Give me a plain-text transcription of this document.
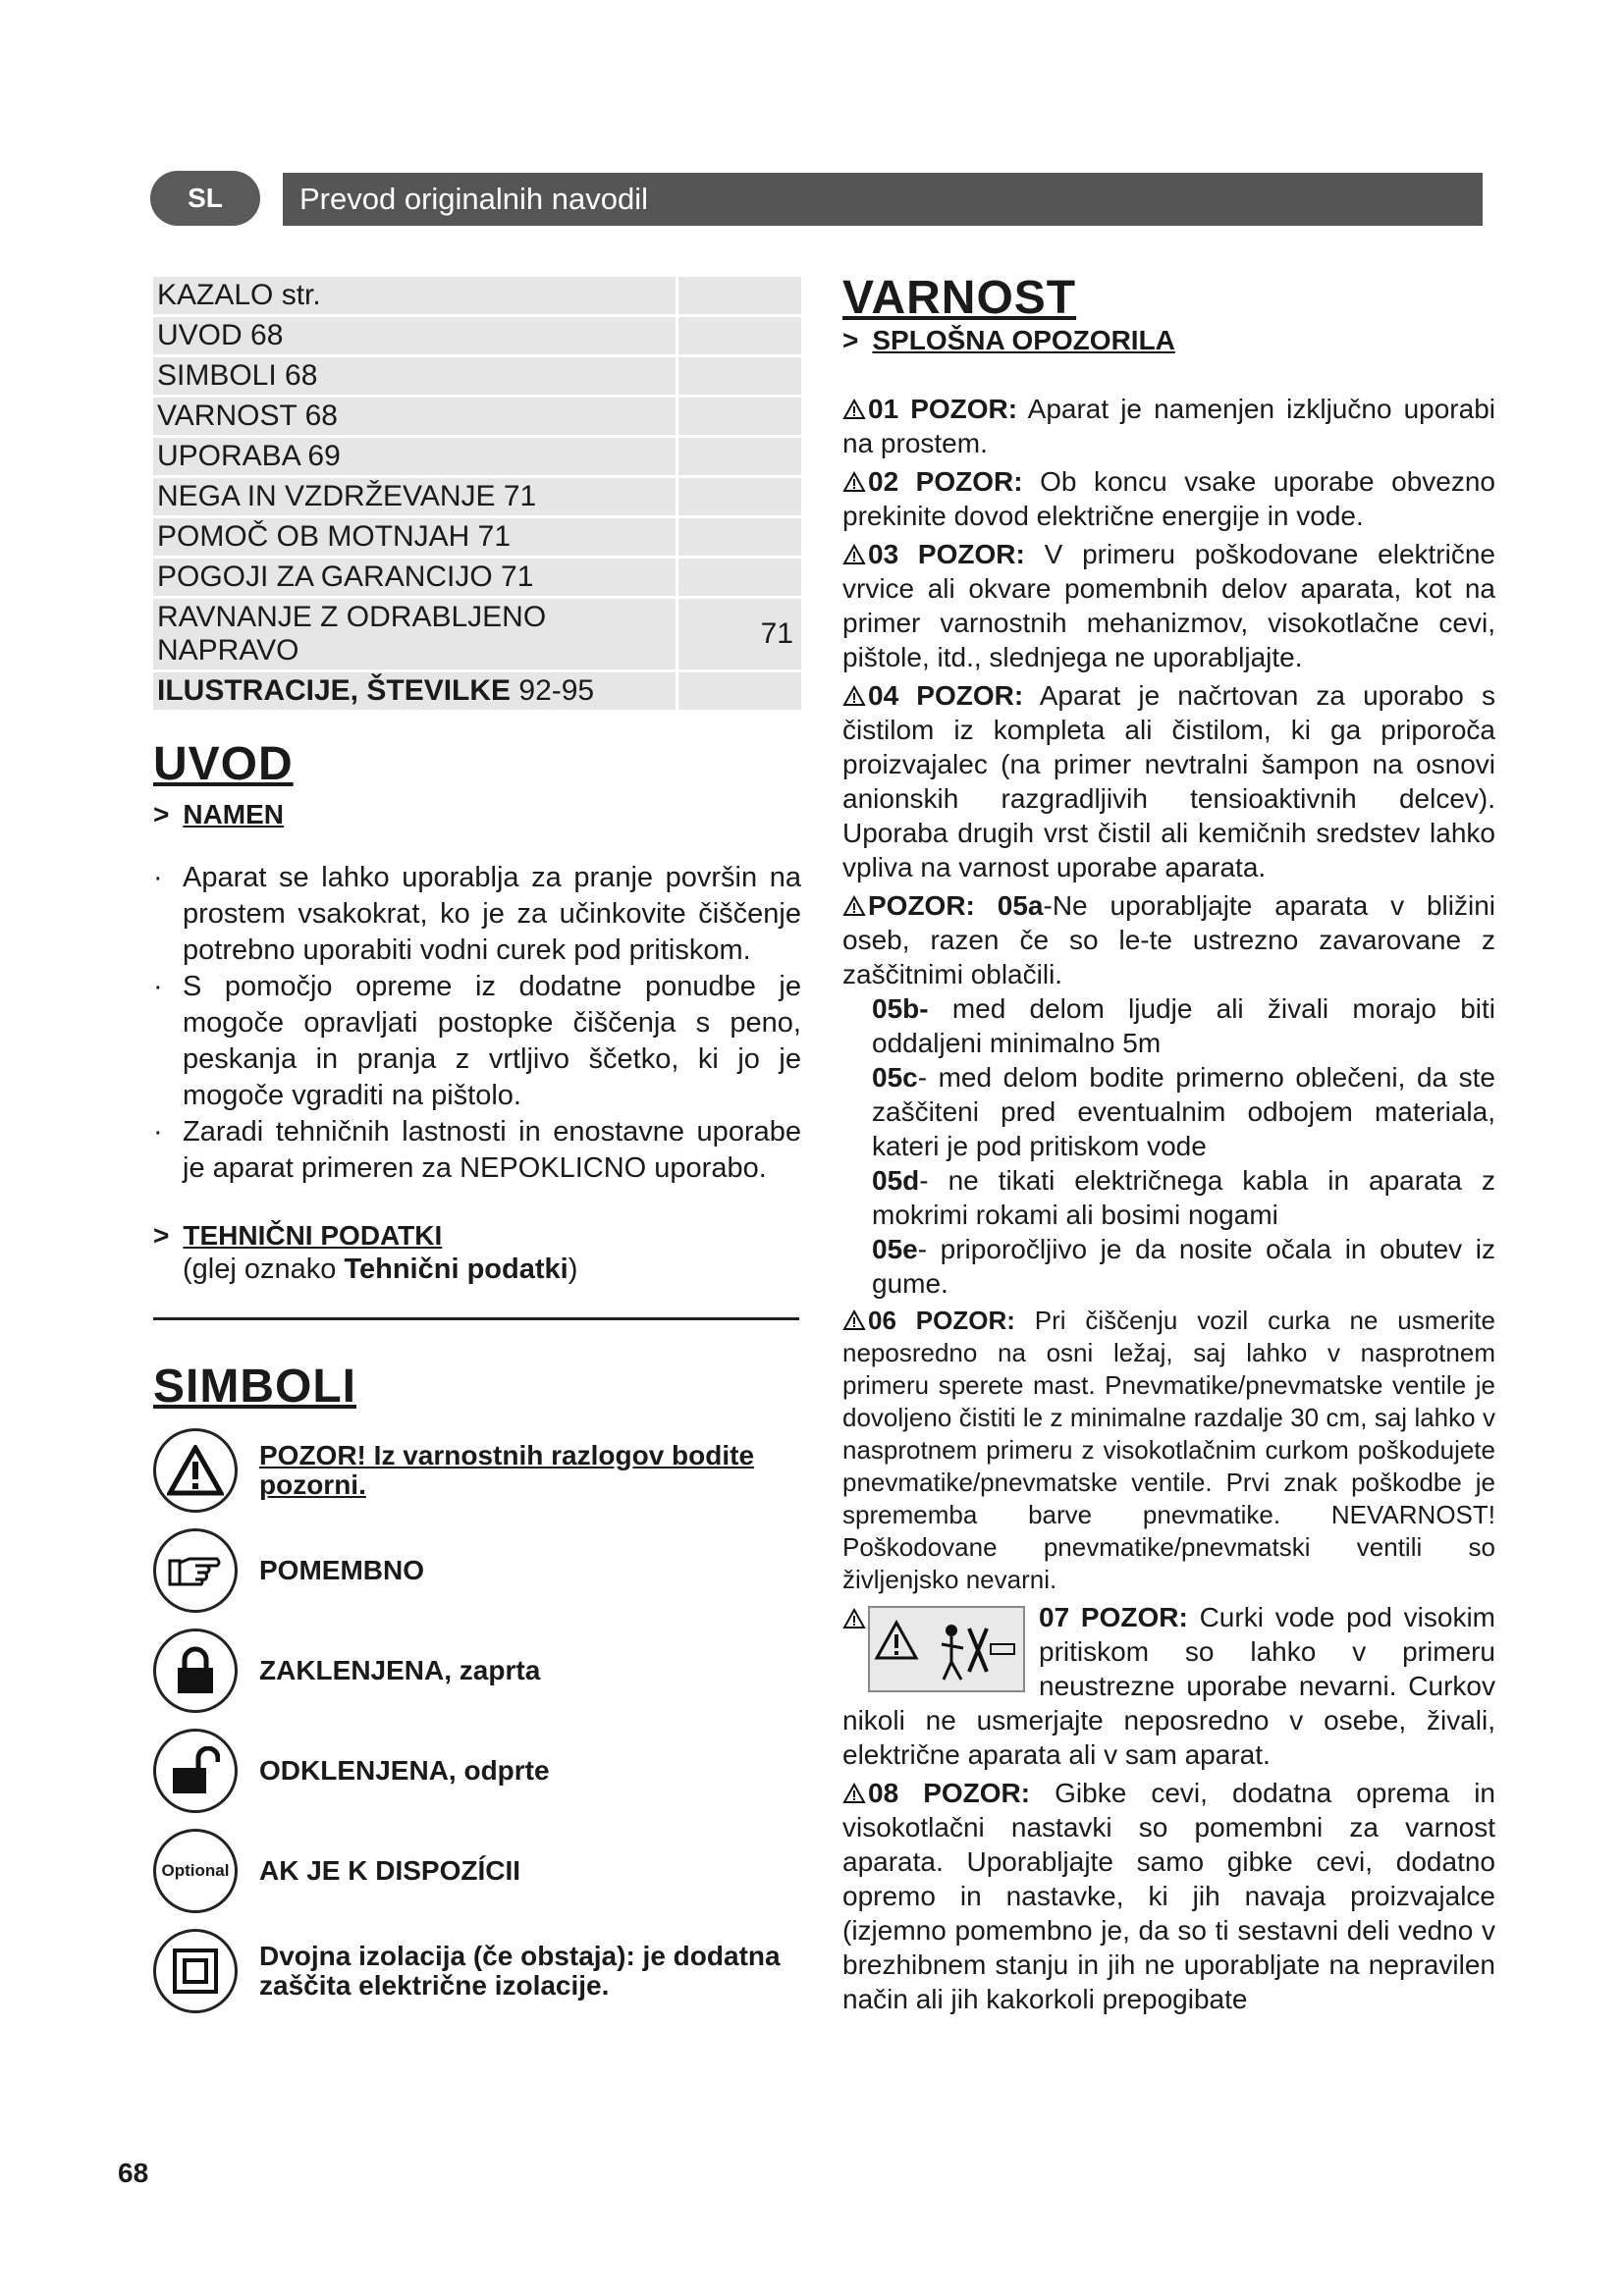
Prevod originalnih navodil
SL
KAZALO str.
UVOD 68
SIMBOLI 68
VARNOST 68
UPORABA 69
NEGA IN VZDRŽEVANJE 71
POMOČ OB MOTNJAH 71
POGOJI ZA GARANCIJO 71
RAVNANJE Z ODRABLJENO NAPRAVO
71
ILUSTRACIJE, ŠTEVILKE 92-95
UVOD
> NAMEN
· Aparat se lahko uporablja za pranje površin na prostem vsakokrat, ko je za učinkovite čiščenje potrebno uporabiti vodni curek pod pritiskom.
· S pomočjo opreme iz dodatne ponudbe je mogoče opravljati postopke čiščenja s peno, peskanja in pranja z vrtljivo ščetko, ki jo je mogoče vgraditi na pištolo.
· Zaradi tehničnih lastnosti in enostavne uporabe je aparat primeren za NEPOKLICNO uporabo.
> TEHNIČNI PODATKI
(glej oznako Tehnični podatki)
SIMBOLI
POZOR! Iz varnostnih razlogov bodite pozorni.
POMEMBNO
ZAKLENJENA, zaprta
ODKLENJENA, odprte
Optional AK JE K DISPOZÍCII
Dvojna izolacija (če obstaja): je dodatna zaščita električne izolacije.
VARNOST
> SPLOŠNA OPOZORILA
01 POZOR: Aparat je namenjen izključno uporabi na prostem.
02 POZOR: Ob koncu vsake uporabe obvezno prekinite dovod električne energije in vode.
03 POZOR: V primeru poškodovane električne vrvice ali okvare pomembnih delov aparata, kot na primer varnostnih mehanizmov, visokotlačne cevi, pištole, itd., slednjega ne uporabljajte.
04 POZOR: Aparat je načrtovan za uporabo s čistilom iz kompleta ali čistilom, ki ga priporoča proizvajalec (na primer nevtralni šampon na osnovi anionskih razgradljivih tensioaktivnih delcev). Uporaba drugih vrst čistil ali kemičnih sredstev lahko vpliva na varnost uporabe aparata.
POZOR: 05a-Ne uporabljajte aparata v bližini oseb, razen če so le-te ustrezno zavarovane z zaščitnimi oblačili.
05b- med delom ljudje ali živali morajo biti oddaljeni minimalno 5m
05c- med delom bodite primerno oblečeni, da ste zaščiteni pred eventualnim odbojem materiala, kateri je pod pritiskom vode
05d- ne tikati električnega kabla in aparata z mokrimi rokami ali bosimi nogami
05e- priporočljivo je da nosite očala in obutev iz gume.
06 POZOR: Pri čiščenju vozil curka ne usmerite neposredno na osni ležaj, saj lahko v nasprotnem primeru sperete mast. Pnevmatike/pnevmatske ventile je dovoljeno čistiti le z minimalne razdalje 30 cm, saj lahko v nasprotnem primeru z visokotlačnim curkom poškodujete pnevmatike/pnevmatske ventile. Prvi znak poškodbe je sprememba barve pnevmatike. NEVARNOST! Poškodovane pnevmatike/pnevmatski ventili so življenjsko nevarni.
07 POZOR: Curki vode pod visokim pritiskom so lahko v primeru neustrezne uporabe nevarni. Curkov nikoli ne usmerjajte neposredno v osebe, živali, električne aparata ali v sam aparat.
08 POZOR: Gibke cevi, dodatna oprema in visokotlačni nastavki so pomembni za varnost aparata. Uporabljajte samo gibke cevi, dodatno opremo in nastavke, ki jih navaja proizvajalce (izjemno pomembno je, da so ti sestavni deli vedno v brezhibnem stanju in jih ne uporabljate na nepravilen način ali jih kakorkoli prepogibate
68
